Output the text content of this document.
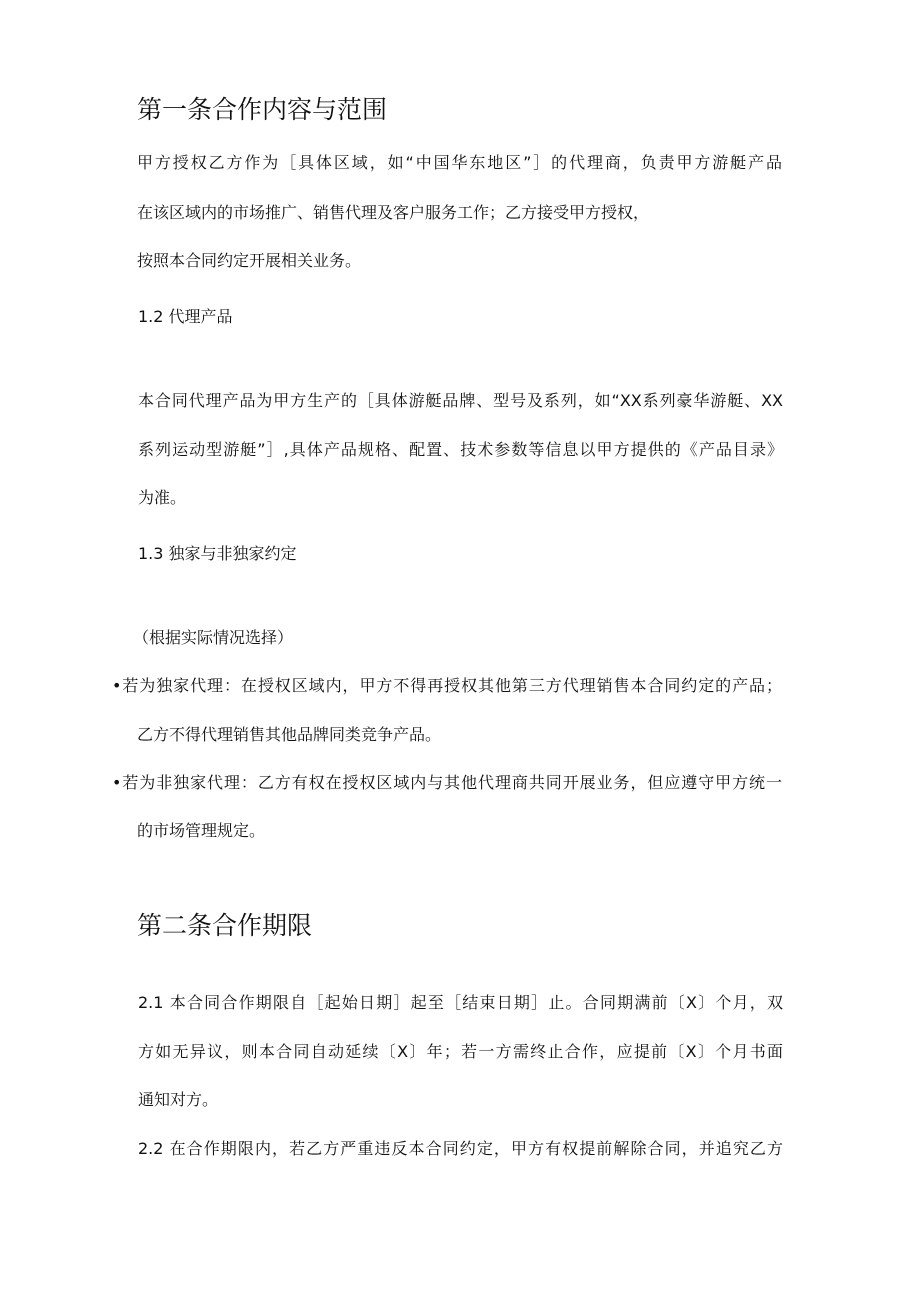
第一条合作内容与范围
甲方授权乙方作为［具体区域，如“中国华东地区”］的代理商，负责甲方游艇产品
在该区域内的市场推广、销售代理及客户服务工作；乙方接受甲方授权，
按照本合同约定开展相关业务。
1.2 代理产品
本合同代理产品为甲方生产的［具体游艇品牌、型号及系列，如“XX系列豪华游艇、XX
系列运动型游艇”］,具体产品规格、配置、技术参数等信息以甲方提供的《产品目录》
为准。
1.3 独家与非独家约定
（根据实际情况选择）
•若为独家代理：在授权区域内，甲方不得再授权其他第三方代理销售本合同约定的产品；
乙方不得代理销售其他品牌同类竞争产品。
•若为非独家代理：乙方有权在授权区域内与其他代理商共同开展业务，但应遵守甲方统一
的市场管理规定。
第二条合作期限
2.1 本合同合作期限自［起始日期］起至［结束日期］止。合同期满前〔X〕个月，双
方如无异议，则本合同自动延续〔X〕年；若一方需终止合作，应提前〔X〕个月书面
通知对方。
2.2 在合作期限内，若乙方严重违反本合同约定，甲方有权提前解除合同，并追究乙方
